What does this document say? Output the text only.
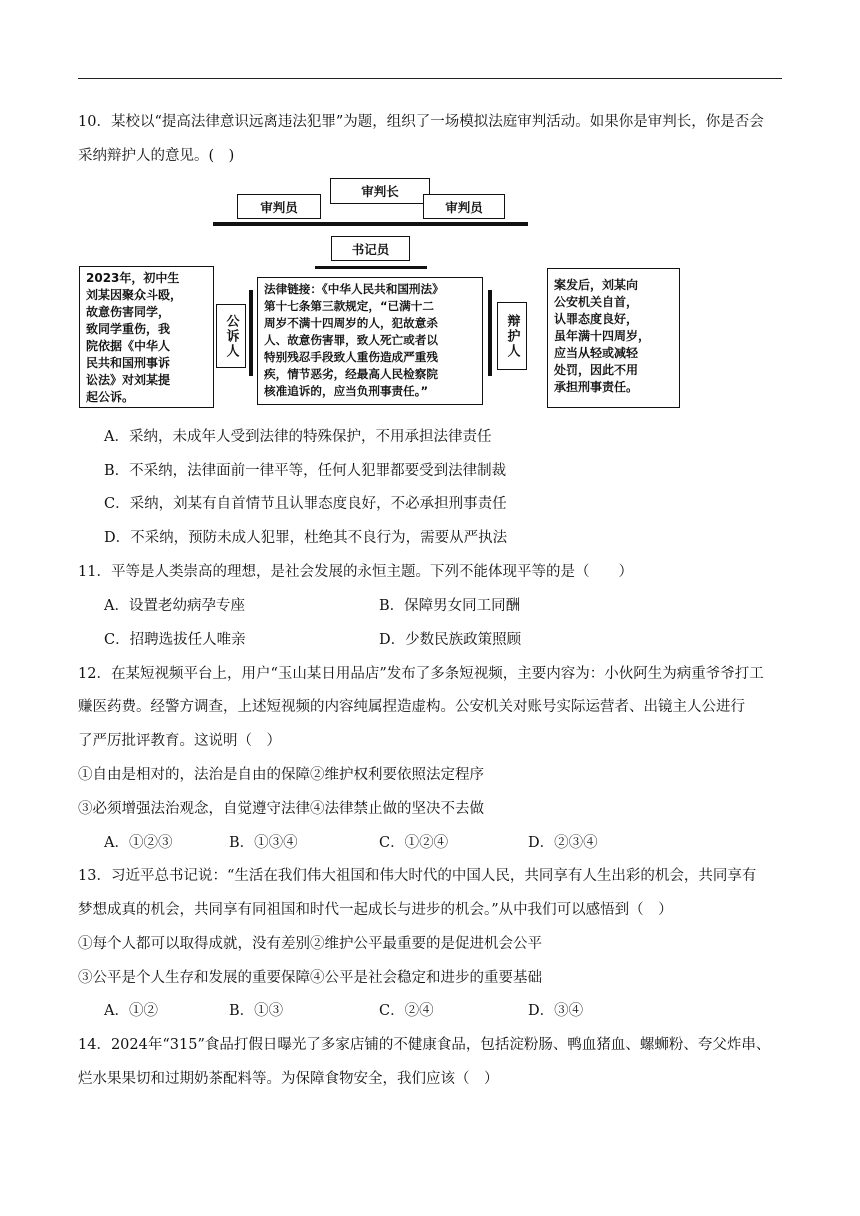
10．某校以“提高法律意识远离违法犯罪”为题，组织了一场模拟法庭审判活动。如果你是审判长，你是否会
采纳辩护人的意见。(　)
审判长
审判员	审判员
书记员
2023年，初中生
刘某因聚众斗殴，
故意伤害同学，
致同学重伤，我
院依据《中华人
民共和国刑事诉
讼法》对刘某提
起公诉。
公诉人
法律链接：《中华人民共和国刑法》
第十七条第三款规定，“已满十二
周岁不满十四周岁的人，犯故意杀
人、故意伤害罪，致人死亡或者以
特别残忍手段致人重伤造成严重残
疾，情节恶劣，经最高人民检察院
核准追诉的，应当负刑事责任。”
辩护人
案发后，刘某向
公安机关自首，
认罪态度良好，
虽年满十四周岁，
应当从轻或减轻
处罚，因此不用
承担刑事责任。
A．采纳，未成年人受到法律的特殊保护，不用承担法律责任
B．不采纳，法律面前一律平等，任何人犯罪都要受到法律制裁
C．采纳，刘某有自首情节且认罪态度良好，不必承担刑事责任
D．不采纳，预防未成人犯罪，杜绝其不良行为，需要从严执法
11．平等是人类崇高的理想，是社会发展的永恒主题。下列不能体现平等的是（　　）
A．设置老幼病孕专座	B．保障男女同工同酬
C．招聘选拔任人唯亲	D．少数民族政策照顾
12．在某短视频平台上，用户“玉山某日用品店”发布了多条短视频，主要内容为：小伙阿生为病重爷爷打工
赚医药费。经警方调查，上述短视频的内容纯属捏造虚构。公安机关对账号实际运营者、出镜主人公进行
了严厉批评教育。这说明（　）
①自由是相对的，法治是自由的保障②维护权利要依照法定程序
③必须增强法治观念，自觉遵守法律④法律禁止做的坚决不去做
A．①②③	B．①③④	C．①②④	D．②③④
13．习近平总书记说：“生活在我们伟大祖国和伟大时代的中国人民，共同享有人生出彩的机会，共同享有
梦想成真的机会，共同享有同祖国和时代一起成长与进步的机会。”从中我们可以感悟到（　）
①每个人都可以取得成就，没有差别②维护公平最重要的是促进机会公平
③公平是个人生存和发展的重要保障④公平是社会稳定和进步的重要基础
A．①②	B．①③	C．②④	D．③④
14．2024年“315”食品打假日曝光了多家店铺的不健康食品，包括淀粉肠、鸭血猪血、螺蛳粉、夸父炸串、
烂水果果切和过期奶茶配料等。为保障食物安全，我们应该（　）
